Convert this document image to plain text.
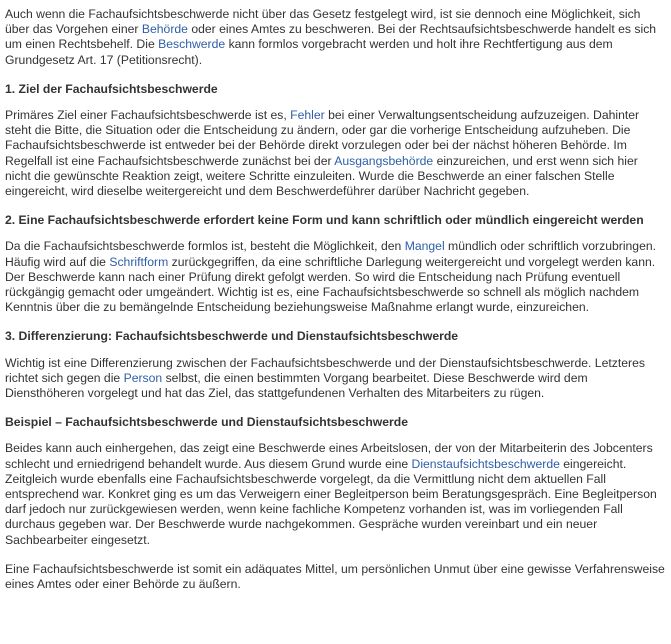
Auch wenn die Fachaufsichtsbeschwerde nicht über das Gesetz festgelegt wird, ist sie dennoch eine Möglichkeit, sich über das Vorgehen einer Behörde oder eines Amtes zu beschweren. Bei der Rechtsaufsichtsbeschwerde handelt es sich um einen Rechtsbehelf. Die Beschwerde kann formlos vorgebracht werden und holt ihre Rechtfertigung aus dem Grundgesetz Art. 17 (Petitionsrecht).

1. Ziel der Fachaufsichtsbeschwerde

Primäres Ziel einer Fachaufsichtsbeschwerde ist es, Fehler bei einer Verwaltungsentscheidung aufzuzeigen. Dahinter steht die Bitte, die Situation oder die Entscheidung zu ändern, oder gar die vorherige Entscheidung aufzuheben. Die Fachaufsichtsbeschwerde ist entweder bei der Behörde direkt vorzulegen oder bei der nächst höheren Behörde. Im Regelfall ist eine Fachaufsichtsbeschwerde zunächst bei der Ausgangsbehörde einzureichen, und erst wenn sich hier nicht die gewünschte Reaktion zeigt, weitere Schritte einzuleiten. Wurde die Beschwerde an einer falschen Stelle eingereicht, wird dieselbe weitergereicht und dem Beschwerdeführer darüber Nachricht gegeben.

2. Eine Fachaufsichtsbeschwerde erfordert keine Form und kann schriftlich oder mündlich eingereicht werden

Da die Fachaufsichtsbeschwerde formlos ist, besteht die Möglichkeit, den Mangel mündlich oder schriftlich vorzubringen. Häufig wird auf die Schriftform zurückgegriffen, da eine schriftliche Darlegung weitergereicht und vorgelegt werden kann. Der Beschwerde kann nach einer Prüfung direkt gefolgt werden. So wird die Entscheidung nach Prüfung eventuell rückgängig gemacht oder umgeändert. Wichtig ist es, eine Fachaufsichtsbeschwerde so schnell als möglich nachdem Kenntnis über die zu bemängelnde Entscheidung beziehungsweise Maßnahme erlangt wurde, einzureichen.

3. Differenzierung: Fachaufsichtsbeschwerde und Dienstaufsichtsbeschwerde

Wichtig ist eine Differenzierung zwischen der Fachaufsichtsbeschwerde und der Dienstaufsichtsbeschwerde. Letzteres richtet sich gegen die Person selbst, die einen bestimmten Vorgang bearbeitet. Diese Beschwerde wird dem Diensthöheren vorgelegt und hat das Ziel, das stattgefundenen Verhalten des Mitarbeiters zu rügen.

Beispiel – Fachaufsichtsbeschwerde und Dienstaufsichtsbeschwerde

Beides kann auch einhergehen, das zeigt eine Beschwerde eines Arbeitslosen, der von der Mitarbeiterin des Jobcenters schlecht und erniedrigend behandelt wurde. Aus diesem Grund wurde eine Dienstaufsichtsbeschwerde eingereicht. Zeitgleich wurde ebenfalls eine Fachaufsichtsbeschwerde vorgelegt, da die Vermittlung nicht dem aktuellen Fall entsprechend war. Konkret ging es um das Verweigern einer Begleitperson beim Beratungsgespräch. Eine Begleitperson darf jedoch nur zurückgewiesen werden, wenn keine fachliche Kompetenz vorhanden ist, was im vorliegenden Fall durchaus gegeben war. Der Beschwerde wurde nachgekommen. Gespräche wurden vereinbart und ein neuer Sachbearbeiter eingesetzt.

Eine Fachaufsichtsbeschwerde ist somit ein adäquates Mittel, um persönlichen Unmut über eine gewisse Verfahrensweise eines Amtes oder einer Behörde zu äußern.
